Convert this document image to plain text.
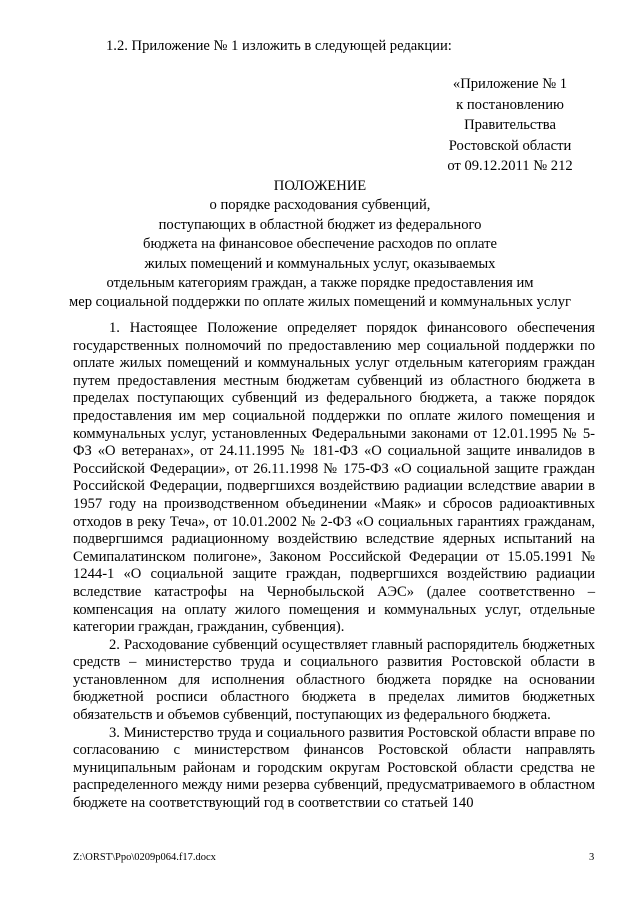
1.2. Приложение № 1 изложить в следующей редакции:
«Приложение № 1
к постановлению
Правительства
Ростовской области
от 09.12.2011 № 212
ПОЛОЖЕНИЕ
о порядке расходования субвенций,
поступающих в областной бюджет из федерального
бюджета на финансовое обеспечение расходов по оплате
жилых помещений и коммунальных услуг, оказываемых
отдельным категориям граждан, а также порядке предоставления им
мер социальной поддержки по оплате жилых помещений и коммунальных услуг

1. Настоящее Положение определяет порядок финансового обеспечения государственных полномочий по предоставлению мер социальной поддержки по оплате жилых помещений и коммунальных услуг отдельным категориям граждан путем предоставления местным бюджетам субвенций из областного бюджета в пределах поступающих субвенций из федерального бюджета, а также порядок предоставления им мер социальной поддержки по оплате жилого помещения и коммунальных услуг, установленных Федеральными законами от 12.01.1995 № 5-ФЗ «О ветеранах», от 24.11.1995 № 181-ФЗ «О социальной защите инвалидов в Российской Федерации», от 26.11.1998 № 175-ФЗ «О социальной защите граждан Российской Федерации, подвергшихся воздействию радиации вследствие аварии в 1957 году на производственном объединении «Маяк» и сбросов радиоактивных отходов в реку Теча», от 10.01.2002 № 2-ФЗ «О социальных гарантиях гражданам, подвергшимся радиационному воздействию вследствие ядерных испытаний на Семипалатинском полигоне», Законом Российской Федерации от 15.05.1991 № 1244-1 «О социальной защите граждан, подвергшихся воздействию радиации вследствие катастрофы на Чернобыльской АЭС» (далее соответственно – компенсация на оплату жилого помещения и коммунальных услуг, отдельные категории граждан, гражданин, субвенция).

2. Расходование субвенций осуществляет главный распорядитель бюджетных средств – министерство труда и социального развития Ростовской области в установленном для исполнения областного бюджета порядке на основании бюджетной росписи областного бюджета в пределах лимитов бюджетных обязательств и объемов субвенций, поступающих из федерального бюджета.

3. Министерство труда и социального развития Ростовской области вправе по согласованию с министерством финансов Ростовской области направлять муниципальным районам и городским округам Ростовской области средства не распределенного между ними резерва субвенций, предусматриваемого в областном бюджете на соответствующий год в соответствии со статьей 140

Z:\ORST\Ppo\0209p064.f17.docx	3
